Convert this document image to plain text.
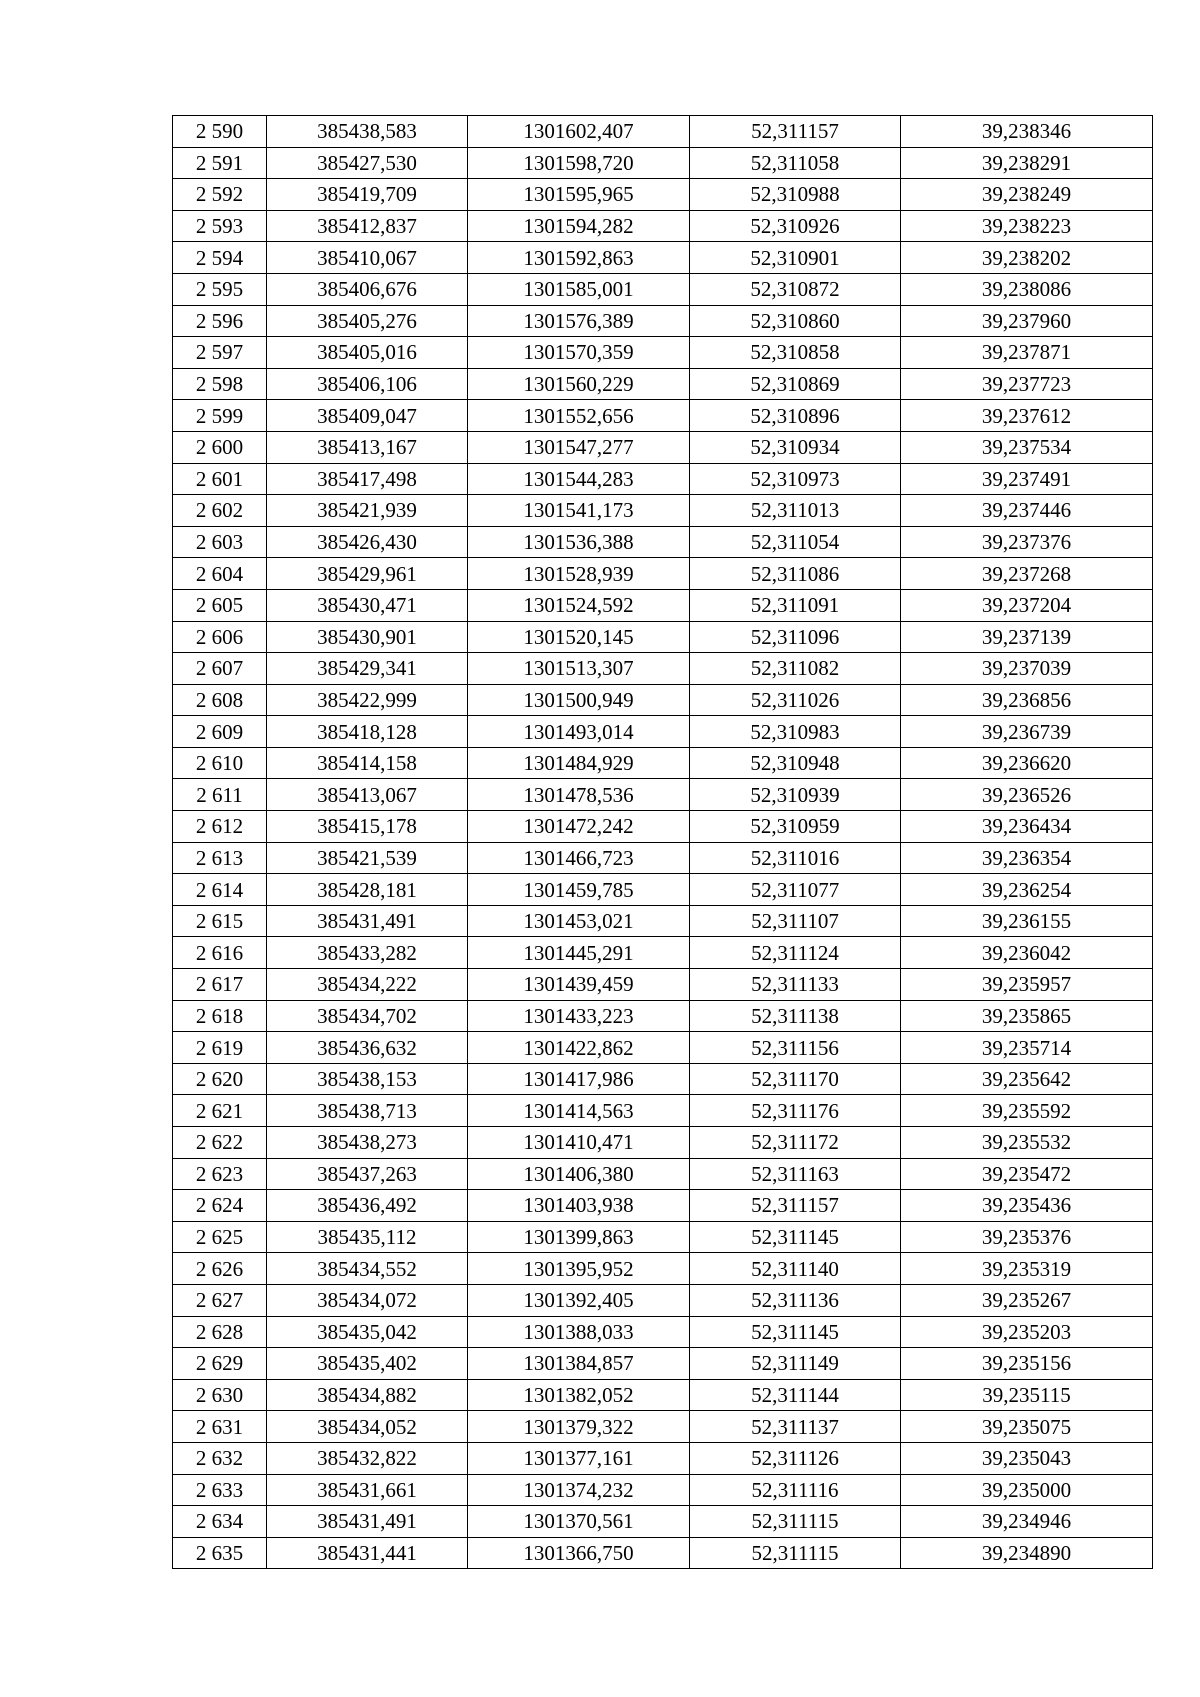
2 590	385438,583	1301602,407	52,311157	39,238346
2 591	385427,530	1301598,720	52,311058	39,238291
2 592	385419,709	1301595,965	52,310988	39,238249
2 593	385412,837	1301594,282	52,310926	39,238223
2 594	385410,067	1301592,863	52,310901	39,238202
2 595	385406,676	1301585,001	52,310872	39,238086
2 596	385405,276	1301576,389	52,310860	39,237960
2 597	385405,016	1301570,359	52,310858	39,237871
2 598	385406,106	1301560,229	52,310869	39,237723
2 599	385409,047	1301552,656	52,310896	39,237612
2 600	385413,167	1301547,277	52,310934	39,237534
2 601	385417,498	1301544,283	52,310973	39,237491
2 602	385421,939	1301541,173	52,311013	39,237446
2 603	385426,430	1301536,388	52,311054	39,237376
2 604	385429,961	1301528,939	52,311086	39,237268
2 605	385430,471	1301524,592	52,311091	39,237204
2 606	385430,901	1301520,145	52,311096	39,237139
2 607	385429,341	1301513,307	52,311082	39,237039
2 608	385422,999	1301500,949	52,311026	39,236856
2 609	385418,128	1301493,014	52,310983	39,236739
2 610	385414,158	1301484,929	52,310948	39,236620
2 611	385413,067	1301478,536	52,310939	39,236526
2 612	385415,178	1301472,242	52,310959	39,236434
2 613	385421,539	1301466,723	52,311016	39,236354
2 614	385428,181	1301459,785	52,311077	39,236254
2 615	385431,491	1301453,021	52,311107	39,236155
2 616	385433,282	1301445,291	52,311124	39,236042
2 617	385434,222	1301439,459	52,311133	39,235957
2 618	385434,702	1301433,223	52,311138	39,235865
2 619	385436,632	1301422,862	52,311156	39,235714
2 620	385438,153	1301417,986	52,311170	39,235642
2 621	385438,713	1301414,563	52,311176	39,235592
2 622	385438,273	1301410,471	52,311172	39,235532
2 623	385437,263	1301406,380	52,311163	39,235472
2 624	385436,492	1301403,938	52,311157	39,235436
2 625	385435,112	1301399,863	52,311145	39,235376
2 626	385434,552	1301395,952	52,311140	39,235319
2 627	385434,072	1301392,405	52,311136	39,235267
2 628	385435,042	1301388,033	52,311145	39,235203
2 629	385435,402	1301384,857	52,311149	39,235156
2 630	385434,882	1301382,052	52,311144	39,235115
2 631	385434,052	1301379,322	52,311137	39,235075
2 632	385432,822	1301377,161	52,311126	39,235043
2 633	385431,661	1301374,232	52,311116	39,235000
2 634	385431,491	1301370,561	52,311115	39,234946
2 635	385431,441	1301366,750	52,311115	39,234890
